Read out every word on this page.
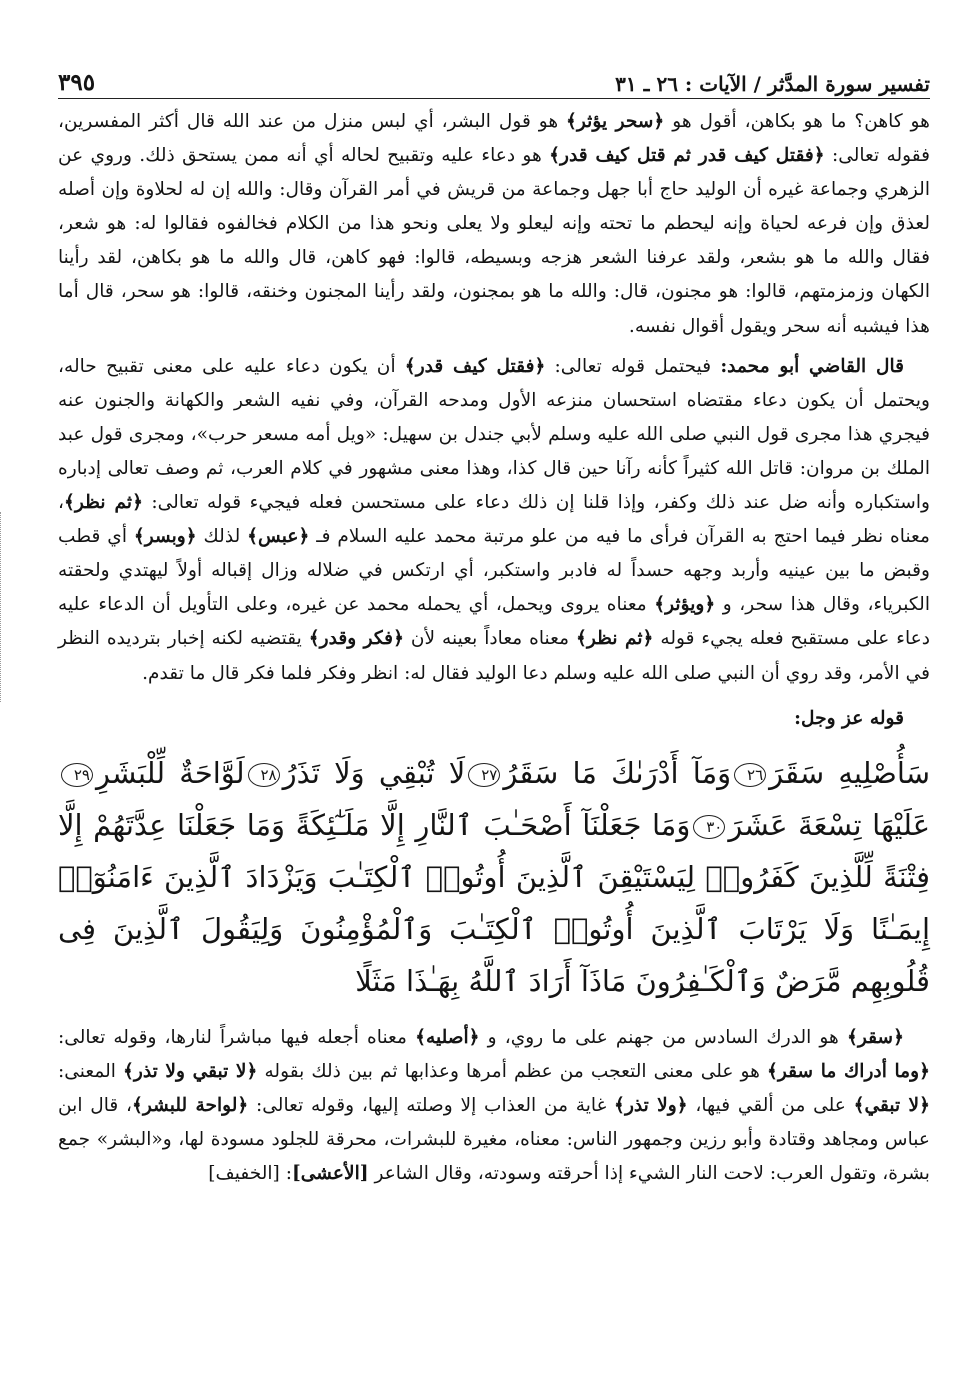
تفسير سورة المدَّثر / الآيات : ٢٦ ـ ٣١
٣٩٥

هو كاهن؟ ما هو بكاهن، أقول هو ﴿سحر يؤثر﴾ هو قول البشر، أي لبس منزل من عند الله قال أكثر المفسرين، فقوله تعالى: ﴿فقتل كيف قدر ثم قتل كيف قدر﴾ هو دعاء عليه وتقبيح لحاله أي أنه ممن يستحق ذلك. وروي عن الزهري وجماعة غيره أن الوليد حاج أبا جهل وجماعة من قريش في أمر القرآن وقال: والله إن له لحلاوة وإن أصله لعذق وإن فرعه لحياة وإنه ليحطم ما تحته وإنه ليعلو ولا يعلى ونحو هذا من الكلام فخالفوه فقالوا له: هو شعر، فقال والله ما هو بشعر، ولقد عرفنا الشعر هزجه وبسيطه، قالوا: فهو كاهن، قال والله ما هو بكاهن، لقد رأينا الكهان وزمزمتهم، قالوا: هو مجنون، قال: والله ما هو بمجنون، ولقد رأينا المجنون وخنقه، قالوا: هو سحر، قال أما هذا فيشبه أنه سحر ويقول أقوال نفسه.

قال القاضي أبو محمد: فيحتمل قوله تعالى: ﴿فقتل كيف قدر﴾ أن يكون دعاء عليه على معنى تقبيح حاله، ويحتمل أن يكون دعاء مقتضاه استحسان منزعه الأول ومدحه القرآن، وفي نفيه الشعر والكهانة والجنون عنه فيجري هذا مجرى قول النبي صلى الله عليه وسلم لأبي جندل بن سهيل: «ويل أمه مسعر حرب»، ومجرى قول عبد الملك بن مروان: قاتل الله كثيراً كأنه رآنا حين قال كذا، وهذا معنى مشهور في كلام العرب، ثم وصف تعالى إدباره واستكباره وأنه ضل عند ذلك وكفر، وإذا قلنا إن ذلك دعاء على مستحسن فعله فيجيء قوله تعالى: ﴿ثم نظر﴾، معناه نظر فيما احتج به القرآن فرأى ما فيه من علو مرتبة محمد عليه السلام فـ ﴿عبس﴾ لذلك ﴿وبسر﴾ أي قطب وقبض ما بين عينيه وأربد وجهه حسداً له فادبر واستكبر، أي ارتكس في ضلاله وزال إقباله أولاً ليهتدي ولحقته الكبرياء، وقال هذا سحر، و ﴿ويؤثر﴾ معناه يروى ويحمل، أي يحمله محمد عن غيره، وعلى التأويل أن الدعاء عليه دعاء على مستقبح فعله يجيء قوله ﴿ثم نظر﴾ معناه معاداً بعينه لأن ﴿فكر وقدر﴾ يقتضيه لكنه إخبار بترديده النظر في الأمر، وقد روي أن النبي صلى الله عليه وسلم دعا الوليد فقال له: انظر وفكر فلما فكر قال ما تقدم.

قوله عز وجل:

سَأُصْلِيهِ سَقَرَ٢٦وَمَآ أَدْرَىٰكَ مَا سَقَرُ٢٧لَا تُبْقِي وَلَا تَذَرُ٢٨لَوَّاحَةٌ لِّلْبَشَرِ٢٩عَلَيْهَا تِسْعَةَ عَشَرَ٣٠وَمَا جَعَلْنَآ أَصْحَـٰبَ ٱلنَّارِ إِلَّا مَلَـٰٓئِكَةً وَمَا جَعَلْنَا عِدَّتَهُمْ إِلَّا فِتْنَةً لِّلَّذِينَ كَفَرُوا۟ لِيَسْتَيْقِنَ ٱلَّذِينَ أُوتُوا۟ ٱلْكِتَـٰبَ وَيَزْدَادَ ٱلَّذِينَ ءَامَنُوٓا۟ إِيمَـٰنًا وَلَا يَرْتَابَ ٱلَّذِينَ أُوتُوا۟ ٱلْكِتَـٰبَ وَٱلْمُؤْمِنُونَ وَلِيَقُولَ ٱلَّذِينَ فِى قُلُوبِهِم مَّرَضٌ وَٱلْكَـٰفِرُونَ مَاذَآ أَرَادَ ٱللَّهُ بِهَـٰذَا مَثَلًا

﴿سقر﴾ هو الدرك السادس من جهنم على ما روي، و ﴿أصليه﴾ معناه أجعله فيها مباشراً لنارها، وقوله تعالى: ﴿وما أدراك ما سقر﴾ هو على معنى التعجب من عظم أمرها وعذابها ثم بين ذلك بقوله ﴿لا تبقي ولا تذر﴾ المعنى: ﴿لا تبقي﴾ على من ألقي فيها، ﴿ولا تذر﴾ غاية من العذاب إلا وصلته إليها، وقوله تعالى: ﴿لواحة للبشر﴾، قال ابن عباس ومجاهد وقتادة وأبو رزين وجمهور الناس: معناه، مغيرة للبشرات، محرقة للجلود مسودة لها، و«البشر» جمع بشرة، وتقول العرب: لاحت النار الشيء إذا أحرقته وسودته، وقال الشاعر [الأعشى]: [الخفيف]
